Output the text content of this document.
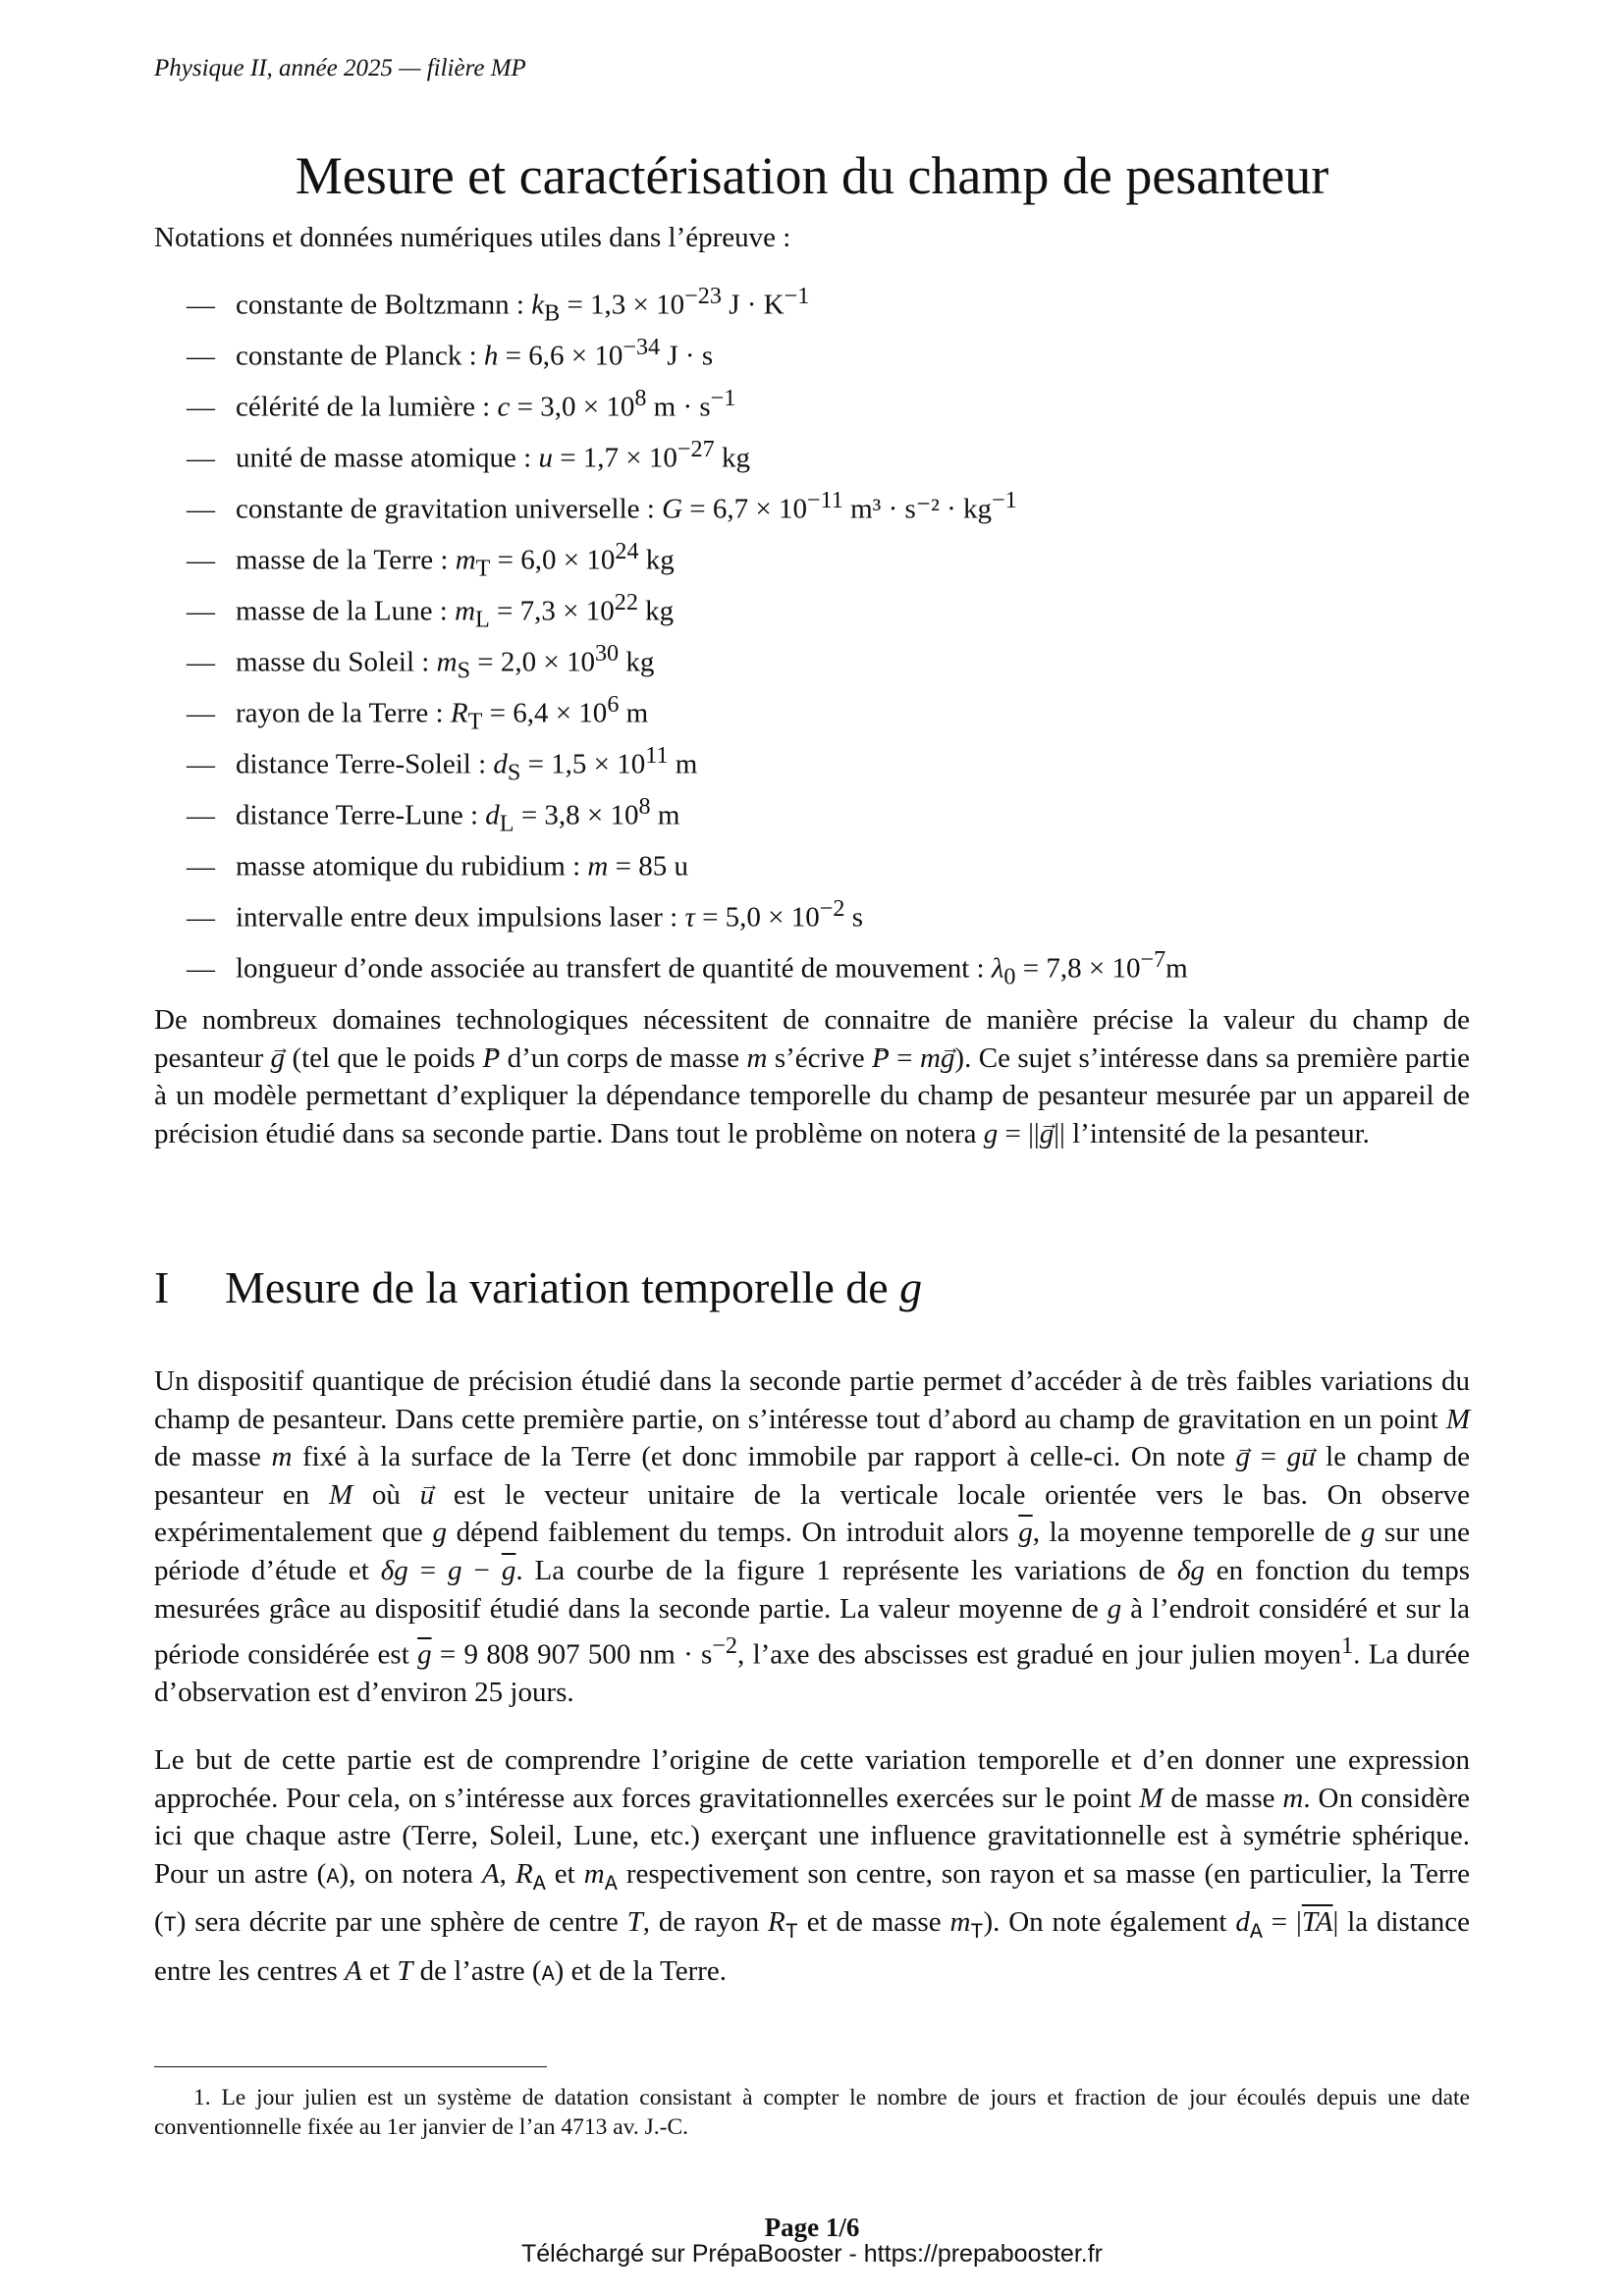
Physique II, année 2025 — filière MP
Mesure et caractérisation du champ de pesanteur
Notations et données numériques utiles dans l’épreuve :
— constante de Boltzmann : $k_B = 1,3 \times 10^{-23}$ $J \cdot K^{-1}$
— constante de Planck : $h = 6,6 \times 10^{-34}$ J · s
— célérité de la lumière : $c = 3,0 \times 10^8$ $m \cdot s^{-1}$
— unité de masse atomique : $u = 1,7 \times 10^{-27}$ kg
— constante de gravitation universelle : $G = 6,7 \times 10^{-11}$ $m^3 \cdot s^{-2} \cdot kg^{-1}$
— masse de la Terre : $m_T = 6,0 \times 10^{24}$ kg
— masse de la Lune : $m_L = 7,3 \times 10^{22}$ kg
— masse du Soleil : $m_S = 2,0 \times 10^{30}$ kg
— rayon de la Terre : $R_T = 6,4 \times 10^6$ m
— distance Terre-Soleil : $d_S = 1,5 \times 10^{11}$ m
— distance Terre-Lune : $d_L = 3,8 \times 10^8$ m
— masse atomique du rubidium : m = 85 u
— intervalle entre deux impulsions laser : $\tau = 5,0 \times 10^{-2}$ s
— longueur d’onde associée au transfert de quantité de mouvement : $\lambda_0 = 7,8 \times 10^{-7}m$
De nombreux domaines technologiques nécessitent de connaitre de manière précise la valeur du champ de pesanteur → g (tel que le poids → P d’un corps de masse m s’écrive → P = m→ g). Ce sujet s’intéresse dans sa première partie à un modèle permettant d’expliquer la dépendance temporelle du champ de pesanteur mesurée par un appareil de précision étudié dans sa seconde partie. Dans tout le problème on notera g = ||→ g|| l’intensité de la pesanteur.
I Mesure de la variation temporelle de g
Un dispositif quantique de précision étudié dans la seconde partie permet d’accéder à de très faibles variations du champ de pesanteur. Dans cette première partie, on s’intéresse tout d’abord au champ de gravitation en un point M de masse m fixé à la surface de la Terre (et donc immobile par rapport à celle-ci. On note → g = g→ u le champ de pesanteur en M où → u est le vecteur unitaire de la verticale locale orientée vers le bas. On observe expérimentalement que g dépend faiblement du temps. On introduit alors $\overline{g}$, la moyenne temporelle de g sur une période d’étude et $\delta g = g - \overline{g}$. La courbe de la figure 1 représente les variations de δg en fonction du temps mesurées grâce au dispositif étudié dans la seconde partie. La valeur moyenne de g à l’endroit considéré et sur la période considérée est $\overline{g} = 9$ 808 907 500 nm · $s^{-2}$, l’axe des abscisses est gradué en jour julien moyen$^1$. La durée d’observation est d’environ 25 jours.
Le but de cette partie est de comprendre l’origine de cette variation temporelle et d’en donner une expression approchée. Pour cela, on s’intéresse aux forces gravitationnelles exercées sur le point M de masse m. On considère ici que chaque astre (Terre, Soleil, Lune, etc.) exerçant une influence gravitationnelle est à symétrie sphérique. Pour un astre (A), on notera A, $R_A$ et $m_A$ respectivement son centre, son rayon et sa masse (en particulier, la Terre (T) sera décrite par une sphère de centre T, de rayon $R_T$ et de masse $m_T$). On note également $d_A = |\overline{TA}|$ la distance entre les centres A et T de l’astre (A) et de la Terre.
1. Le jour julien est un système de datation consistant à compter le nombre de jours et fraction de jour écoulés depuis une date conventionnelle fixée au 1er janvier de l’an 4713 av. J.-C.
Page 1/6
Téléchargé sur PrépaBooster - https://prepabooster.fr
